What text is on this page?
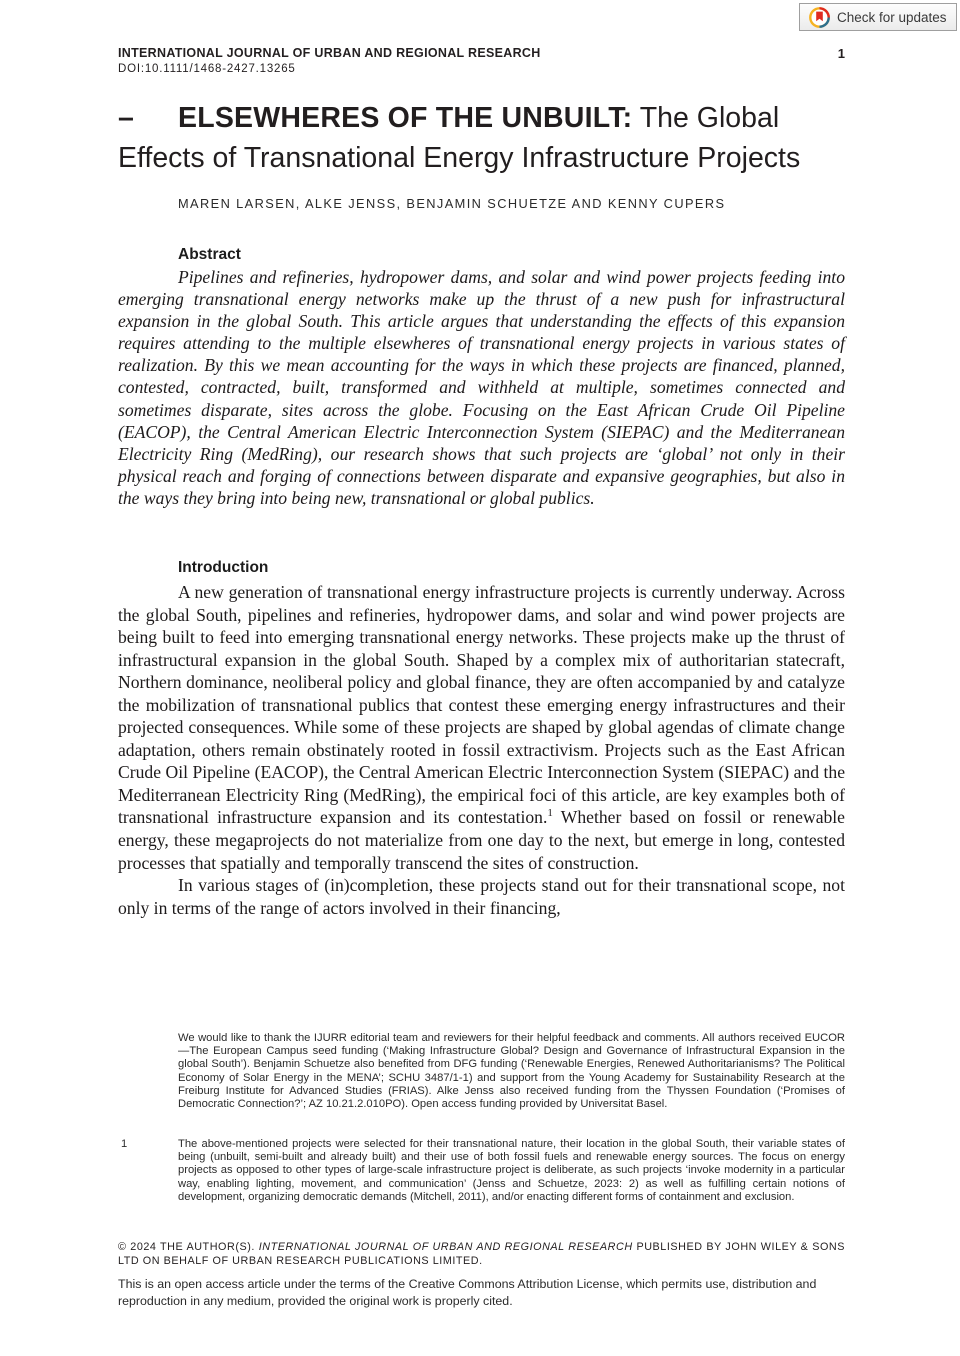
Check for updates
INTERNATIONAL JOURNAL OF URBAN AND REGIONAL RESEARCH	1
DOI:10.1111/1468-2427.13265
– ELSEWHERES OF THE UNBUILT: The Global
Effects of Transnational Energy Infrastructure Projects
MAREN LARSEN, ALKE JENSS, BENJAMIN SCHUETZE AND KENNY CUPERS
Abstract

Pipelines and refineries, hydropower dams, and solar and wind power projects feeding into emerging transnational energy networks make up the thrust of a new push for infrastructural expansion in the global South. This article argues that understanding the effects of this expansion requires attending to the multiple elsewheres of transnational energy projects in various states of realization. By this we mean accounting for the ways in which these projects are financed, planned, contested, contracted, built, transformed and withheld at multiple, sometimes connected and sometimes disparate, sites across the globe. Focusing on the East African Crude Oil Pipeline (EACOP), the Central American Electric Interconnection System (SIEPAC) and the Mediterranean Electricity Ring (MedRing), our research shows that such projects are ‘global’ not only in their physical reach and forging of connections between disparate and expansive geographies, but also in the ways they bring into being new, transnational or global publics.

Introduction

A new generation of transnational energy infrastructure projects is currently underway. Across the global South, pipelines and refineries, hydropower dams, and solar and wind power projects are being built to feed into emerging transnational energy networks. These projects make up the thrust of infrastructural expansion in the global South. Shaped by a complex mix of authoritarian statecraft, Northern dominance, neoliberal policy and global finance, they are often accompanied by and catalyze the mobilization of transnational publics that contest these emerging energy infrastructures and their projected consequences. While some of these projects are shaped by global agendas of climate change adaptation, others remain obstinately rooted in fossil extractivism. Projects such as the East African Crude Oil Pipeline (EACOP), the Central American Electric Interconnection System (SIEPAC) and the Mediterranean Electricity Ring (MedRing), the empirical foci of this article, are key examples both of transnational infrastructure expansion and its contestation.$^1$ Whether based on fossil or renewable energy, these megaprojects do not materialize from one day to the next, but emerge in long, contested processes that spatially and temporally transcend the sites of construction.

In various stages of (in)completion, these projects stand out for their transnational scope, not only in terms of the range of actors involved in their financing,

We would like to thank the IJURR editorial team and reviewers for their helpful feedback and comments. All authors received EUCOR—The European Campus seed funding (‘Making Infrastructure Global? Design and Governance of Infrastructural Expansion in the global South’). Benjamin Schuetze also benefited from DFG funding (‘Renewable Energies, Renewed Authoritarianisms? The Political Economy of Solar Energy in the MENA’; SCHU 3487/1-1) and support from the Young Academy for Sustainability Research at the Freiburg Institute for Advanced Studies (FRIAS). Alke Jenss also received funding from the Thyssen Foundation (‘Promises of Democratic Connection?’; AZ 10.21.2.010PO). Open access funding provided by Universitat Basel.
1	The above-mentioned projects were selected for their transnational nature, their location in the global South, their variable states of being (unbuilt, semi-built and already built) and their use of both fossil fuels and renewable energy sources. The focus on energy projects as opposed to other types of large-scale infrastructure project is deliberate, as such projects ‘invoke modernity in a particular way, enabling lighting, movement, and communication’ (Jenss and Schuetze, 2023: 2) as well as fulfilling certain notions of development, organizing democratic demands (Mitchell, 2011), and/or enacting different forms of containment and exclusion.
© 2024 THE AUTHOR(S). INTERNATIONAL JOURNAL OF URBAN AND REGIONAL RESEARCH PUBLISHED BY JOHN WILEY & SONS LTD ON BEHALF OF URBAN RESEARCH PUBLICATIONS LIMITED.
This is an open access article under the terms of the Creative Commons Attribution License, which permits use, distribution and reproduction in any medium, provided the original work is properly cited.
